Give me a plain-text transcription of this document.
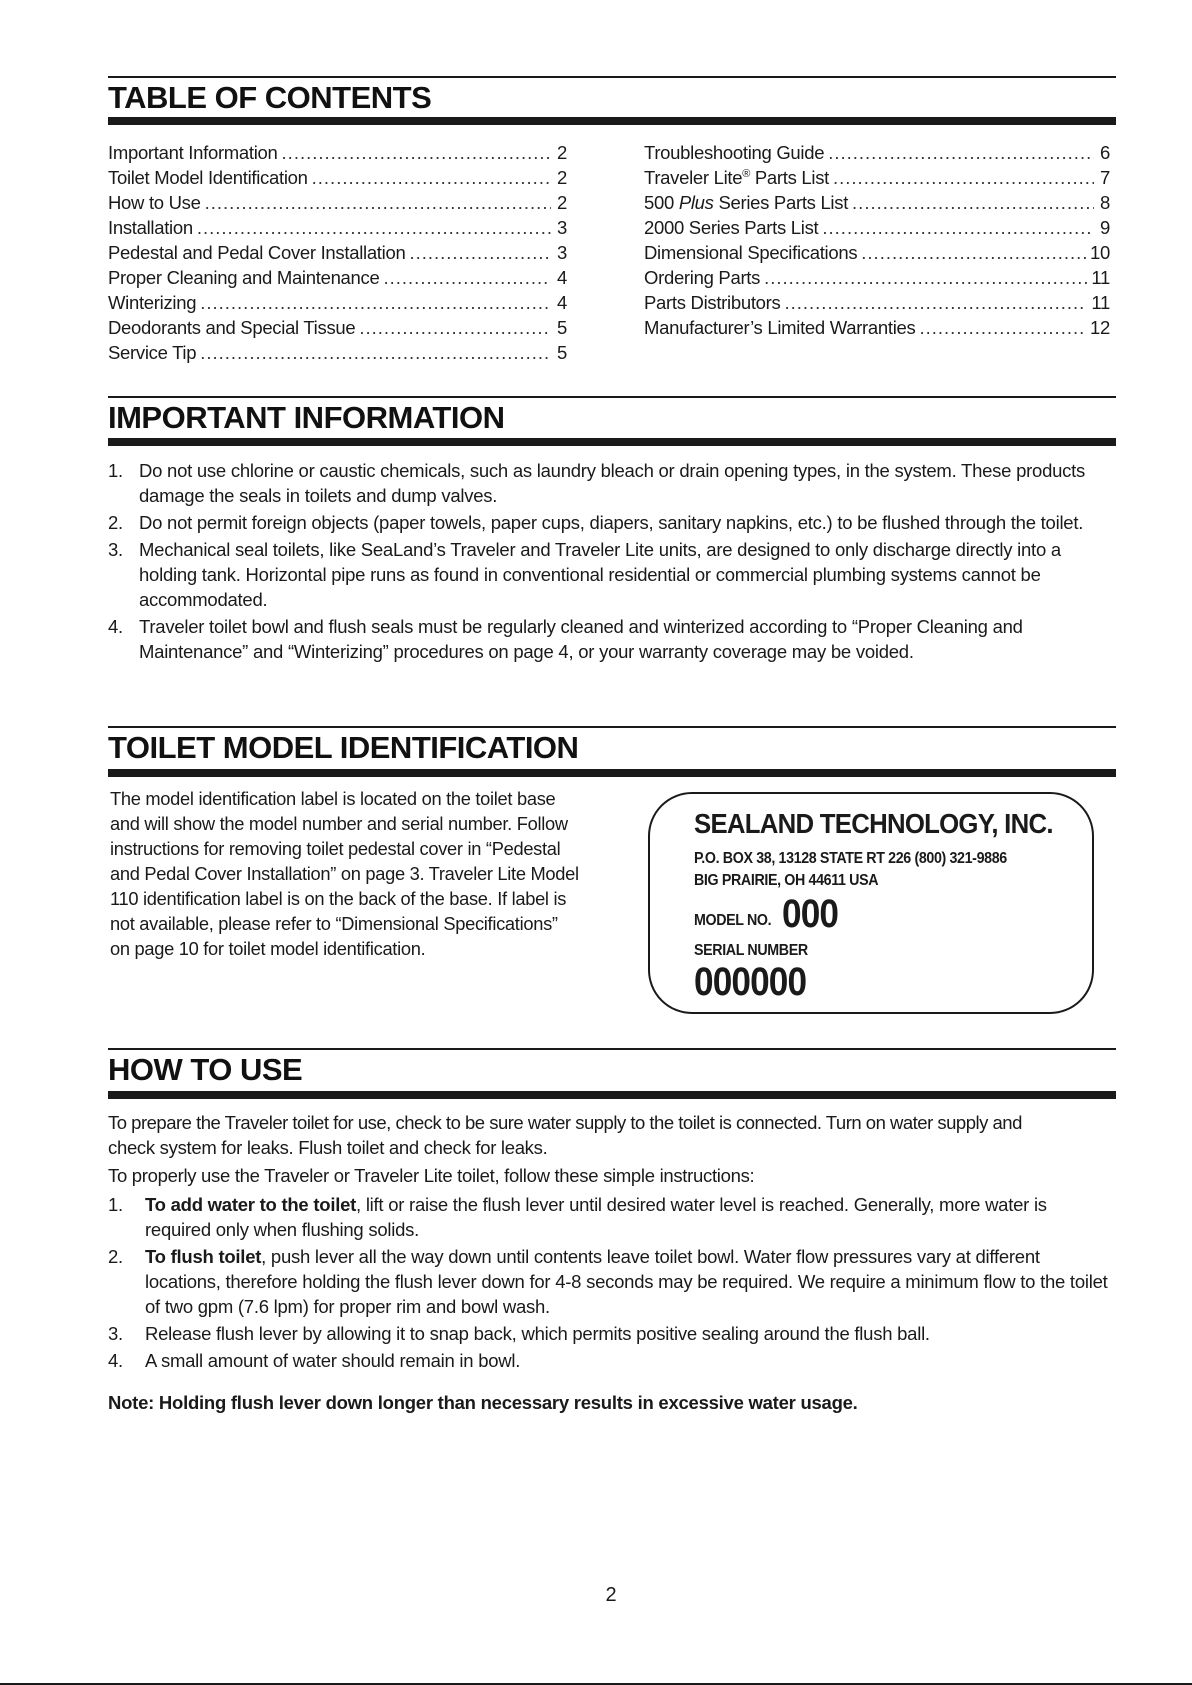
TABLE OF CONTENTS
Important Information .....	2
Toilet Model Identification .....	2
How to Use .....	2
Installation .....	3
Pedestal and Pedal Cover Installation .....	3
Proper Cleaning and Maintenance .....	4
Winterizing .....	4
Deodorants and Special Tissue .....	5
Service Tip .....	5
Troubleshooting Guide .....	6
Traveler Lite® Parts List .....	7
500 Plus Series Parts List .....	8
2000 Series Parts List .....	9
Dimensional Specifications .....	10
Ordering Parts .....	11
Parts Distributors .....	11
Manufacturer’s Limited Warranties .....	12
IMPORTANT INFORMATION
1. Do not use chlorine or caustic chemicals, such as laundry bleach or drain opening types, in the system. These products damage the seals in toilets and dump valves.
2. Do not permit foreign objects (paper towels, paper cups, diapers, sanitary napkins, etc.) to be flushed through the toilet.
3. Mechanical seal toilets, like SeaLand’s Traveler and Traveler Lite units, are designed to only discharge directly into a holding tank. Horizontal pipe runs as found in conventional residential or commercial plumbing systems cannot be accommodated.
4. Traveler toilet bowl and flush seals must be regularly cleaned and winterized according to “Proper Cleaning and Maintenance” and “Winterizing” procedures on page 4, or your warranty coverage may be voided.
TOILET MODEL IDENTIFICATION
The model identification label is located on the toilet base
and will show the model number and serial number. Follow
instructions for removing toilet pedestal cover in “Pedestal
and Pedal Cover Installation” on page 3. Traveler Lite Model
110 identification label is on the back of the base. If label is
not available, please refer to “Dimensional Specifications”
on page 10 for toilet model identification.
SEALAND TECHNOLOGY, INC.
P.O. BOX 38, 13128 STATE RT 226 (800) 321-9886
BIG PRAIRIE, OH 44611 USA
MODEL NO. 000
SERIAL NUMBER
000000
HOW TO USE
To prepare the Traveler toilet for use, check to be sure water supply to the toilet is connected. Turn on water supply and
check system for leaks. Flush toilet and check for leaks.
To properly use the Traveler or Traveler Lite toilet, follow these simple instructions:
1. To add water to the toilet, lift or raise the flush lever until desired water level is reached. Generally, more water is required only when flushing solids.
2. To flush toilet, push lever all the way down until contents leave toilet bowl. Water flow pressures vary at different locations, therefore holding the flush lever down for 4-8 seconds may be required. We require a minimum flow to the toilet of two gpm (7.6 lpm) for proper rim and bowl wash.
3. Release flush lever by allowing it to snap back, which permits positive sealing around the flush ball.
4. A small amount of water should remain in bowl.

Note: Holding flush lever down longer than necessary results in excessive water usage.

2
